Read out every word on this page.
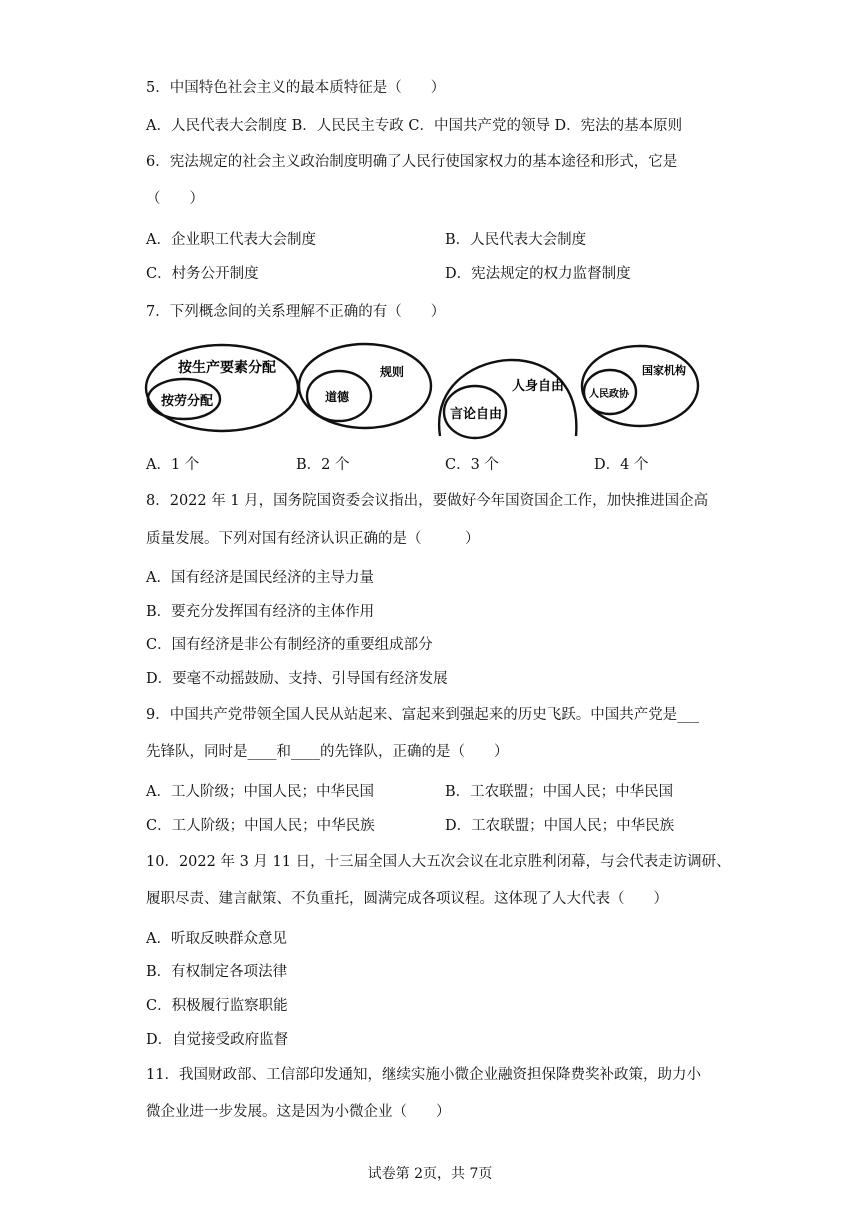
5．中国特色社会主义的最本质特征是（　　）
A．人民代表大会制度 B．人民民主专政 C．中国共产党的领导 D．宪法的基本原则
6．宪法规定的社会主义政治制度明确了人民行使国家权力的基本途径和形式，它是
（　　）
A．企业职工代表大会制度	B．人民代表大会制度
C．村务公开制度	D．宪法规定的权力监督制度
7．下列概念间的关系理解不正确的有（　　）
按生产要素分配
按劳分配
规则
道德
人身自由
言论自由
国家机构
人民政协
A．1 个	B．2 个	C．3 个	D．4 个
8．2022 年 1 月，国务院国资委会议指出，要做好今年国资国企工作，加快推进国企高
质量发展。下列对国有经济认识正确的是（　　　）
A．国有经济是国民经济的主导力量
B．要充分发挥国有经济的主体作用
C．国有经济是非公有制经济的重要组成部分
D．要毫不动摇鼓励、支持、引导国有经济发展
9．中国共产党带领全国人民从站起来、富起来到强起来的历史飞跃。中国共产党是___
先锋队，同时是____和____的先锋队，正确的是（　　）
A．工人阶级；中国人民；中华民国	B．工农联盟；中国人民；中华民国
C．工人阶级；中国人民；中华民族	D．工农联盟；中国人民；中华民族
10．2022 年 3 月 11 日，十三届全国人大五次会议在北京胜利闭幕，与会代表走访调研、
履职尽责、建言献策、不负重托，圆满完成各项议程。这体现了人大代表（　　）
A．听取反映群众意见
B．有权制定各项法律
C．积极履行监察职能
D．自觉接受政府监督
11．我国财政部、工信部印发通知，继续实施小微企业融资担保降费奖补政策，助力小
微企业进一步发展。这是因为小微企业（　　）
试卷第 2页，共 7页
